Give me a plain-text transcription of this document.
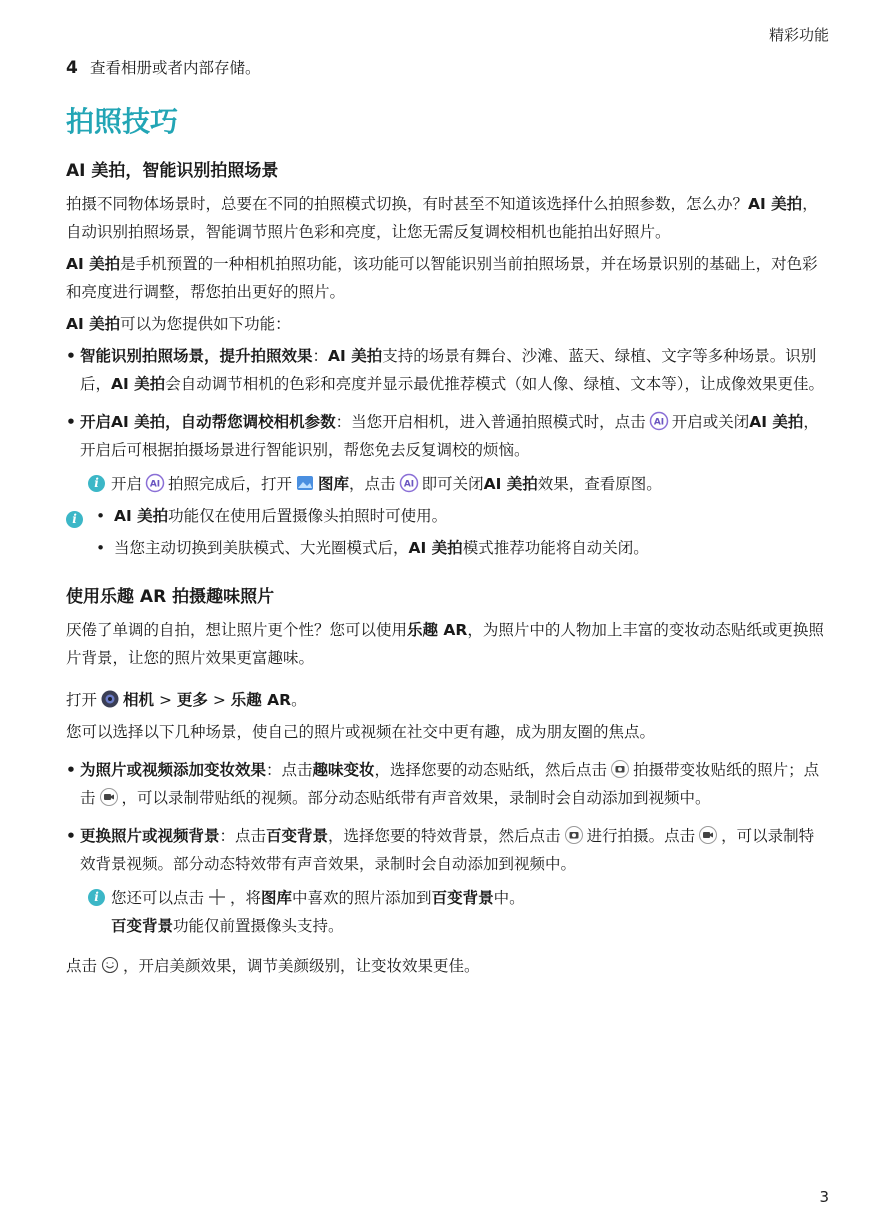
精彩功能
4 查看相册或者内部存储。
拍照技巧
AI 美拍，智能识别拍照场景

拍摄不同物体场景时，总要在不同的拍照模式切换，有时甚至不知道该选择什么拍照参数，怎么办？AI 美拍，自动识别拍照场景，智能调节照片色彩和亮度，让您无需反复调校相机也能拍出好照片。

AI 美拍是手机预置的一种相机拍照功能，该功能可以智能识别当前拍照场景，并在场景识别的基础上，对色彩和亮度进行调整，帮您拍出更好的照片。

AI 美拍可以为您提供如下功能：

• 智能识别拍照场景，提升拍照效果：AI 美拍支持的场景有舞台、沙滩、蓝天、绿植、文字等多种场景。识别后，AI 美拍会自动调节相机的色彩和亮度并显示最优推荐模式（如人像、绿植、文本等），让成像效果更佳。
• 开启AI 美拍，自动帮您调校相机参数：当您开启相机，进入普通拍照模式时，点击 AI 开启或关闭AI 美拍，开启后可根据拍摄场景进行智能识别，帮您免去反复调校的烦恼。
i 开启 AI 拍照完成后，打开 图库，点击 AI 即可关闭AI 美拍效果，查看原图。
i	• AI 美拍功能仅在使用后置摄像头拍照时可使用。
• 当您主动切换到美肤模式、大光圈模式后，AI 美拍模式推荐功能将自动关闭。
使用乐趣 AR 拍摄趣味照片

厌倦了单调的自拍，想让照片更个性？您可以使用乐趣 AR，为照片中的人物加上丰富的变妆动态贴纸或更换照片背景，让您的照片效果更富趣味。

打开 相机 > 更多 > 乐趣 AR。

您可以选择以下几种场景，使自己的照片或视频在社交中更有趣，成为朋友圈的焦点。

• 为照片或视频添加变妆效果：点击趣味变妆，选择您要的动态贴纸，然后点击 拍摄带变妆贴纸的照片；点击 ，可以录制带贴纸的视频。部分动态贴纸带有声音效果，录制时会自动添加到视频中。
• 更换照片或视频背景：点击百变背景，选择您要的特效背景，然后点击 进行拍摄。点击 ，可以录制特效背景视频。部分动态特效带有声音效果，录制时会自动添加到视频中。
i 您还可以点击 ，将图库中喜欢的照片添加到百变背景中。
百变背景功能仅前置摄像头支持。

点击 ，开启美颜效果，调节美颜级别，让变妆效果更佳。

3
